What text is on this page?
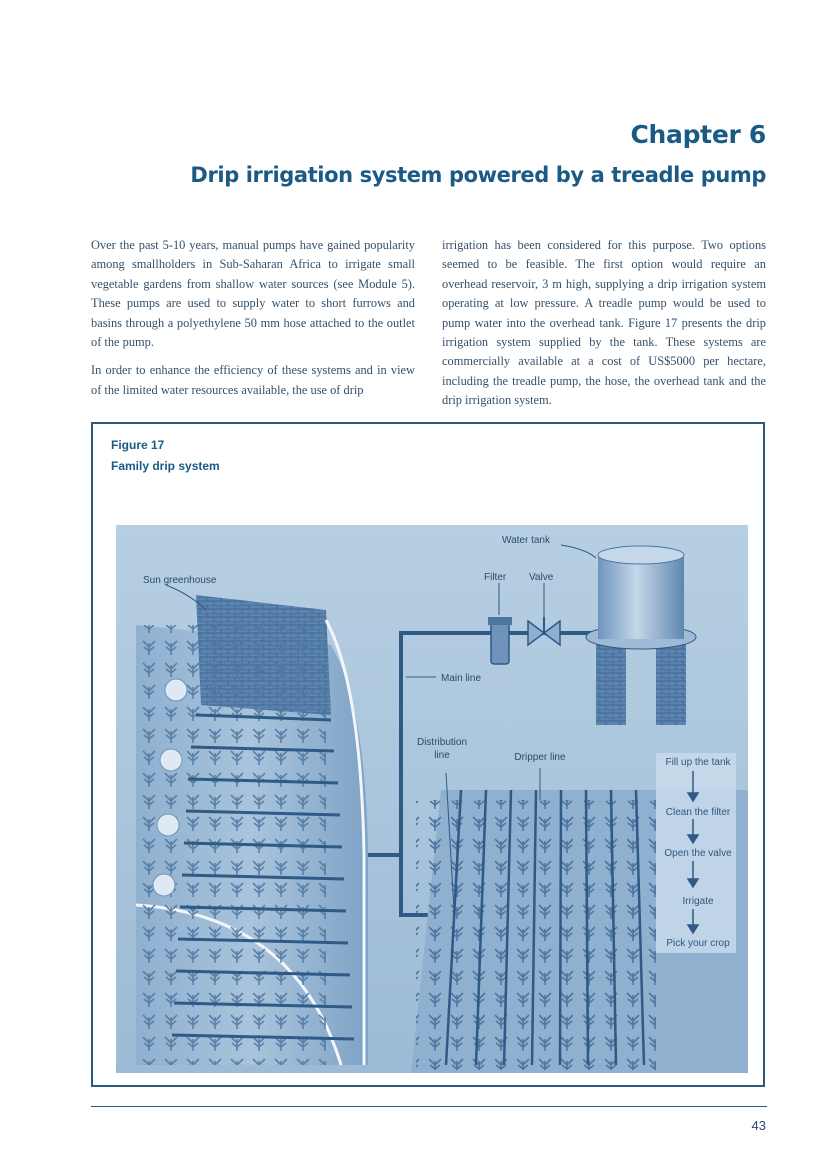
Chapter 6
Drip irrigation system powered by a treadle pump

Over the past 5-10 years, manual pumps have gained popularity among smallholders in Sub-Saharan Africa to irrigate small vegetable gardens from shallow water sources (see Module 5). These pumps are used to supply water to short furrows and basins through a polyethylene 50 mm hose attached to the outlet of the pump.

In order to enhance the efficiency of these systems and in view of the limited water resources available, the use of drip

irrigation has been considered for this purpose. Two options seemed to be feasible. The first option would require an overhead reservoir, 3 m high, supplying a drip irrigation system operating at low pressure. A treadle pump would be used to pump water into the overhead tank. Figure 17 presents the drip irrigation system supplied by the tank. These systems are commercially available at a cost of US$5000 per hectare, including the treadle pump, the hose, the overhead tank and the drip irrigation system.

Figure 17

Family drip system

Water tank
Filter Valve
Sun greenhouse
Main line
Distribution
line	Dripper line	Fill up the tank
Clean the filter
Open the valve
Irrigate
Pick your crop

43
